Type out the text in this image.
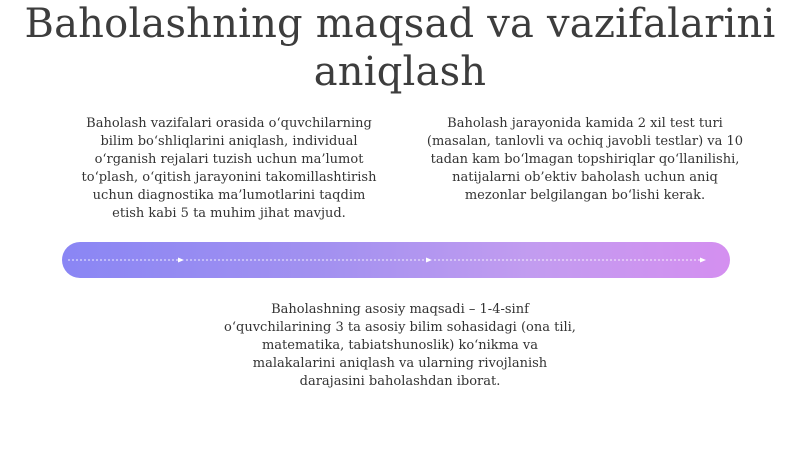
Baholashning maqsad va vazifalarini aniqlash
Baholash vazifalari orasida o‘quvchilarning bilim bo‘shliqlarini aniqlash, individual o‘rganish rejalari tuzish uchun ma’lumot to‘plash, o‘qitish jarayonini takomillashtirish uchun diagnostika ma’lumotlarini taqdim etish kabi 5 ta muhim jihat mavjud.
Baholash jarayonida kamida 2 xil test turi (masalan, tanlovli va ochiq javobli testlar) va 10 tadan kam bo‘lmagan topshiriqlar qo‘llanilishi, natijalarni ob’ektiv baholash uchun aniq mezonlar belgilangan bo‘lishi kerak.
Baholashning asosiy maqsadi – 1-4-sinf o‘quvchilarining 3 ta asosiy bilim sohasidagi (ona tili, matematika, tabiatshunoslik) ko‘nikma va malakalarini aniqlash va ularning rivojlanish darajasini baholashdan iborat.
